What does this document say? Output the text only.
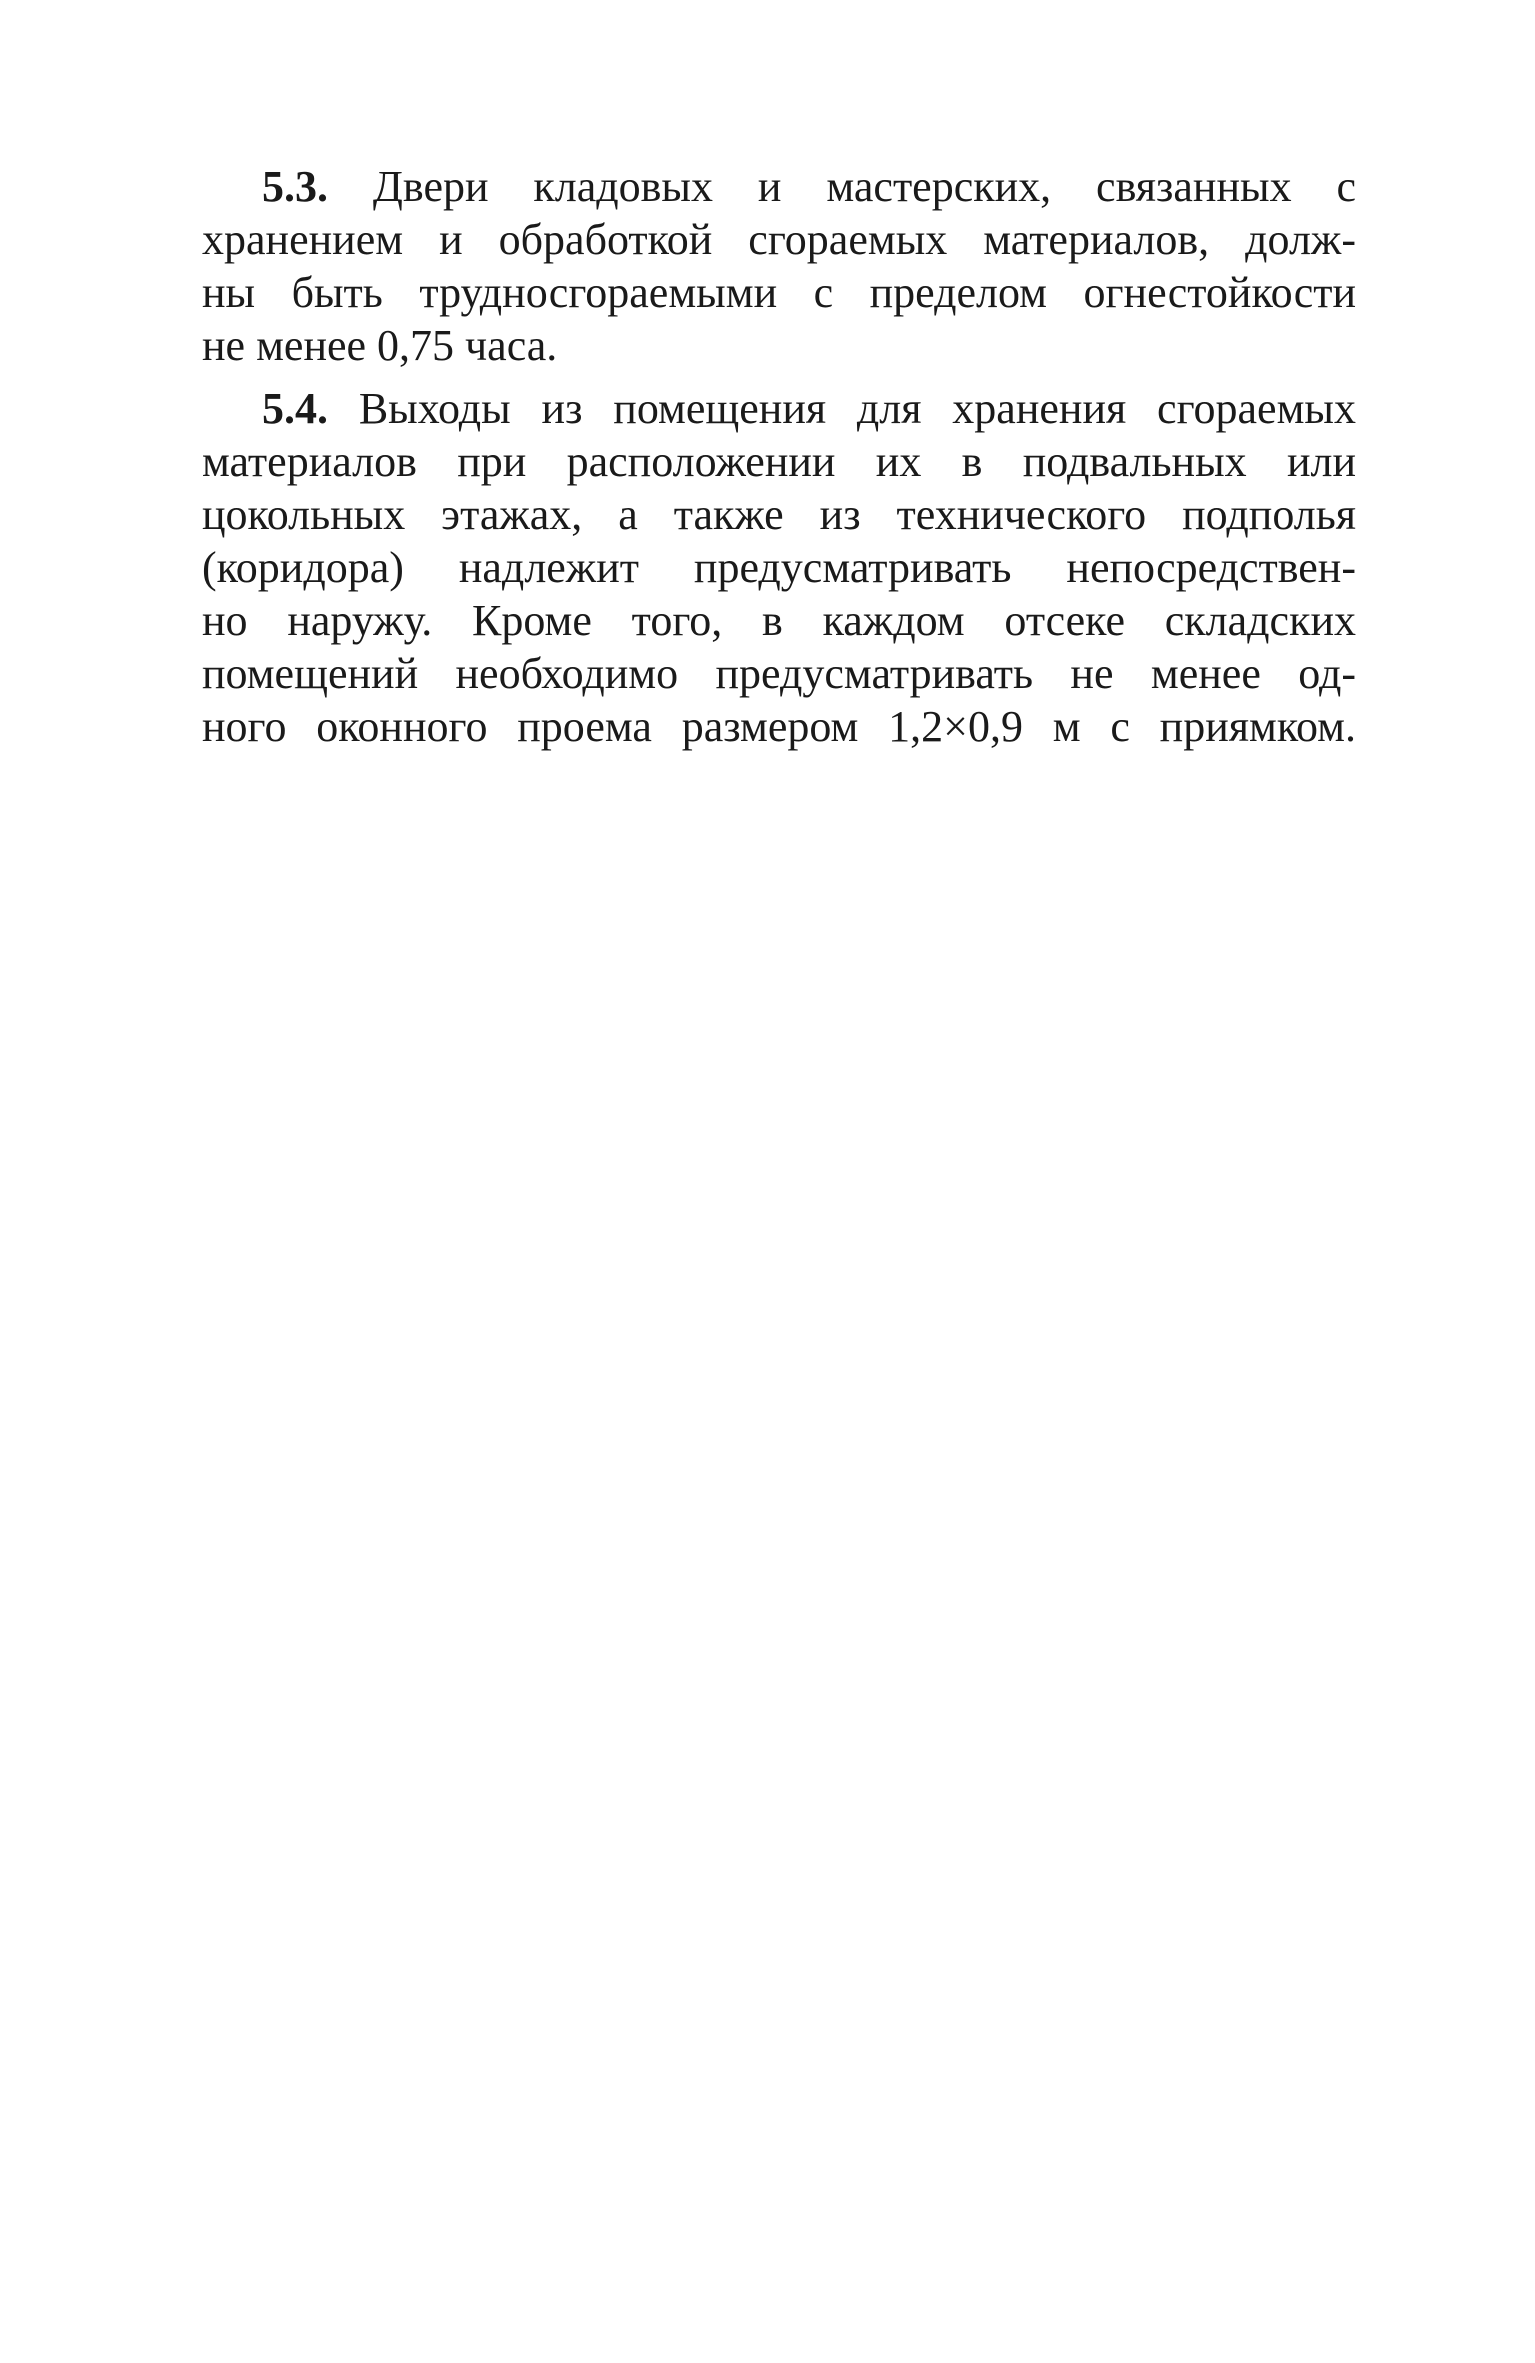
5.3. Двери кладовых и мастерских, связанных с
хранением и обработкой сгораемых материалов, долж-
ны быть трудносгораемыми с пределом огнестойкости
не менее 0,75 часа.
5.4. Выходы из помещения для хранения сгораемых
материалов при расположении их в подвальных или
цокольных этажах, а также из технического подполья
(коридора) надлежит предусматривать непосредствен-
но наружу. Кроме того, в каждом отсеке складских
помещений необходимо предусматривать не менее од-
ного оконного проема размером 1,2×0,9 м с приямком.
